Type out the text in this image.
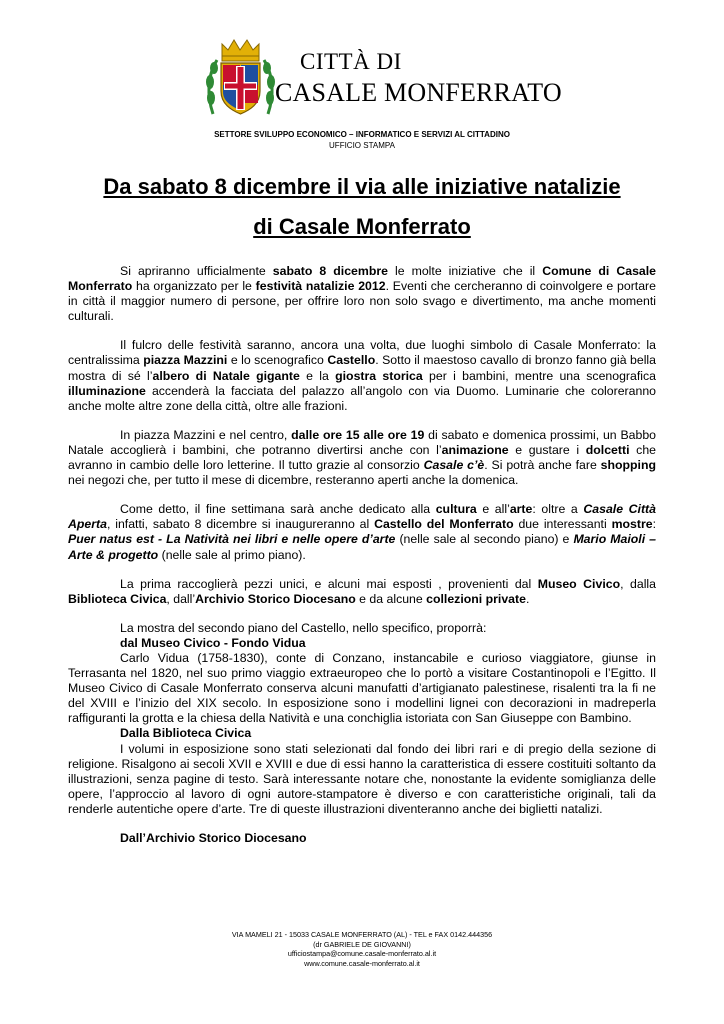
CITTÀ DI
CASALE MONFERRATO
SETTORE SVILUPPO ECONOMICO – INFORMATICO E SERVIZI AL CITTADINO
UFFICIO STAMPA
Da sabato 8 dicembre il via alle iniziative natalizie
di Casale Monferrato

Si apriranno ufficialmente sabato 8 dicembre le molte iniziative che il Comune di Casale Monferrato ha organizzato per le festività natalizie 2012. Eventi che cercheranno di coinvolgere e portare in città il maggior numero di persone, per offrire loro non solo svago e divertimento, ma anche momenti culturali.

Il fulcro delle festività saranno, ancora una volta, due luoghi simbolo di Casale Monferrato: la centralissima piazza Mazzini e lo scenografico Castello. Sotto il maestoso cavallo di bronzo fanno già bella mostra di sé l’albero di Natale gigante e la giostra storica per i bambini, mentre una scenografica illuminazione accenderà la facciata del palazzo all’angolo con via Duomo. Luminarie che coloreranno anche molte altre zone della città, oltre alle frazioni.

In piazza Mazzini e nel centro, dalle ore 15 alle ore 19 di sabato e domenica prossimi, un Babbo Natale accoglierà i bambini, che potranno divertirsi anche con l’animazione e gustare i dolcetti che avranno in cambio delle loro letterine. Il tutto grazie al consorzio Casale c’è. Si potrà anche fare shopping nei negozi che, per tutto il mese di dicembre, resteranno aperti anche la domenica.

Come detto, il fine settimana sarà anche dedicato alla cultura e all’arte: oltre a Casale Città Aperta, infatti, sabato 8 dicembre si inaugureranno al Castello del Monferrato due interessanti mostre: Puer natus est - La Natività nei libri e nelle opere d’arte (nelle sale al secondo piano) e Mario Maioli – Arte & progetto (nelle sale al primo piano).

La prima raccoglierà pezzi unici, e alcuni mai esposti , provenienti dal Museo Civico, dalla Biblioteca Civica, dall’Archivio Storico Diocesano e da alcune collezioni private.

La mostra del secondo piano del Castello, nello specifico, proporrà:

dal Museo Civico - Fondo Vidua

Carlo Vidua (1758-1830), conte di Conzano, instancabile e curioso viaggiatore, giunse in Terrasanta nel 1820, nel suo primo viaggio extraeuropeo che lo portò a visitare Costantinopoli e l’Egitto. Il Museo Civico di Casale Monferrato conserva alcuni manufatti d’artigianato palestinese, risalenti tra la fi ne del XVIII e l’inizio del XIX secolo. In esposizione sono i modellini lignei con decorazioni in madreperla raffiguranti la grotta e la chiesa della Natività e una conchiglia istoriata con San Giuseppe con Bambino.

Dalla Biblioteca Civica

I volumi in esposizione sono stati selezionati dal fondo dei libri rari e di pregio della sezione di religione. Risalgono ai secoli XVII e XVIII e due di essi hanno la caratteristica di essere costituiti soltanto da illustrazioni, senza pagine di testo. Sarà interessante notare che, nonostante la evidente somiglianza delle opere, l’approccio al lavoro di ogni autore-stampatore è diverso e con caratteristiche originali, tali da renderle autentiche opere d’arte. Tre di queste illustrazioni diventeranno anche dei biglietti natalizi.

Dall’Archivio Storico Diocesano

VIA MAMELI 21 - 15033 CASALE MONFERRATO (AL) - TEL e FAX 0142.444356
(dr GABRIELE DE GIOVANNI)
ufficiostampa@comune.casale-monferrato.al.it
www.comune.casale-monferrato.al.it
